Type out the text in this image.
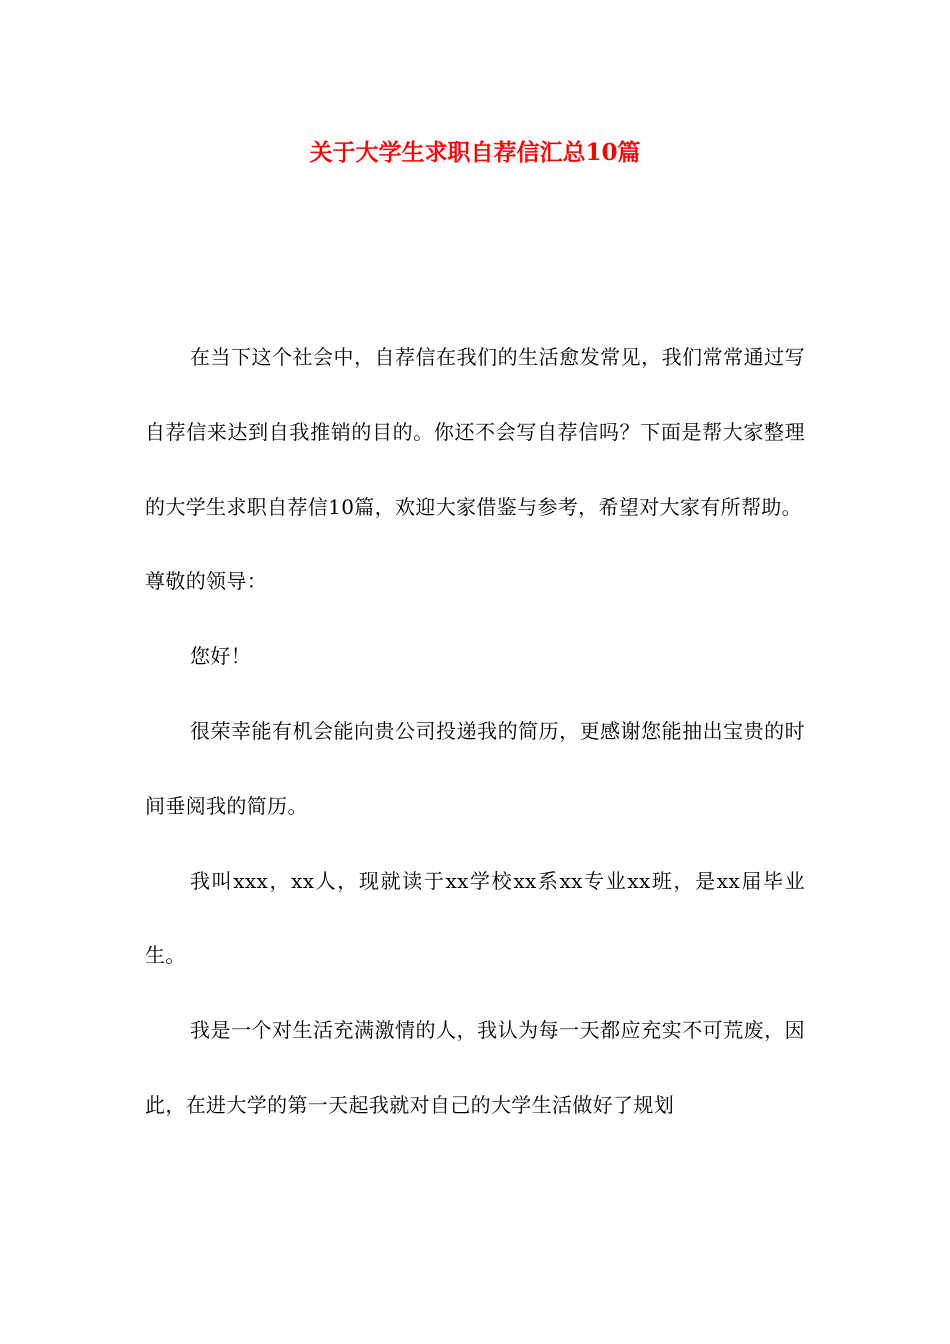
关于大学生求职自荐信汇总10篇

在当下这个社会中，自荐信在我们的生活愈发常见，我们常常通过写自荐信来达到自我推销的目的。你还不会写自荐信吗？下面是帮大家整理的大学生求职自荐信10篇，欢迎大家借鉴与参考，希望对大家有所帮助。

尊敬的领导：

您好！

很荣幸能有机会能向贵公司投递我的简历，更感谢您能抽出宝贵的时间垂阅我的简历。

我叫xxx，xx人，现就读于xx学校xx系xx专业xx班，是xx届毕业生。

我是一个对生活充满激情的人，我认为每一天都应充实不可荒废，因此，在进大学的第一天起我就对自己的大学生活做好了规划
